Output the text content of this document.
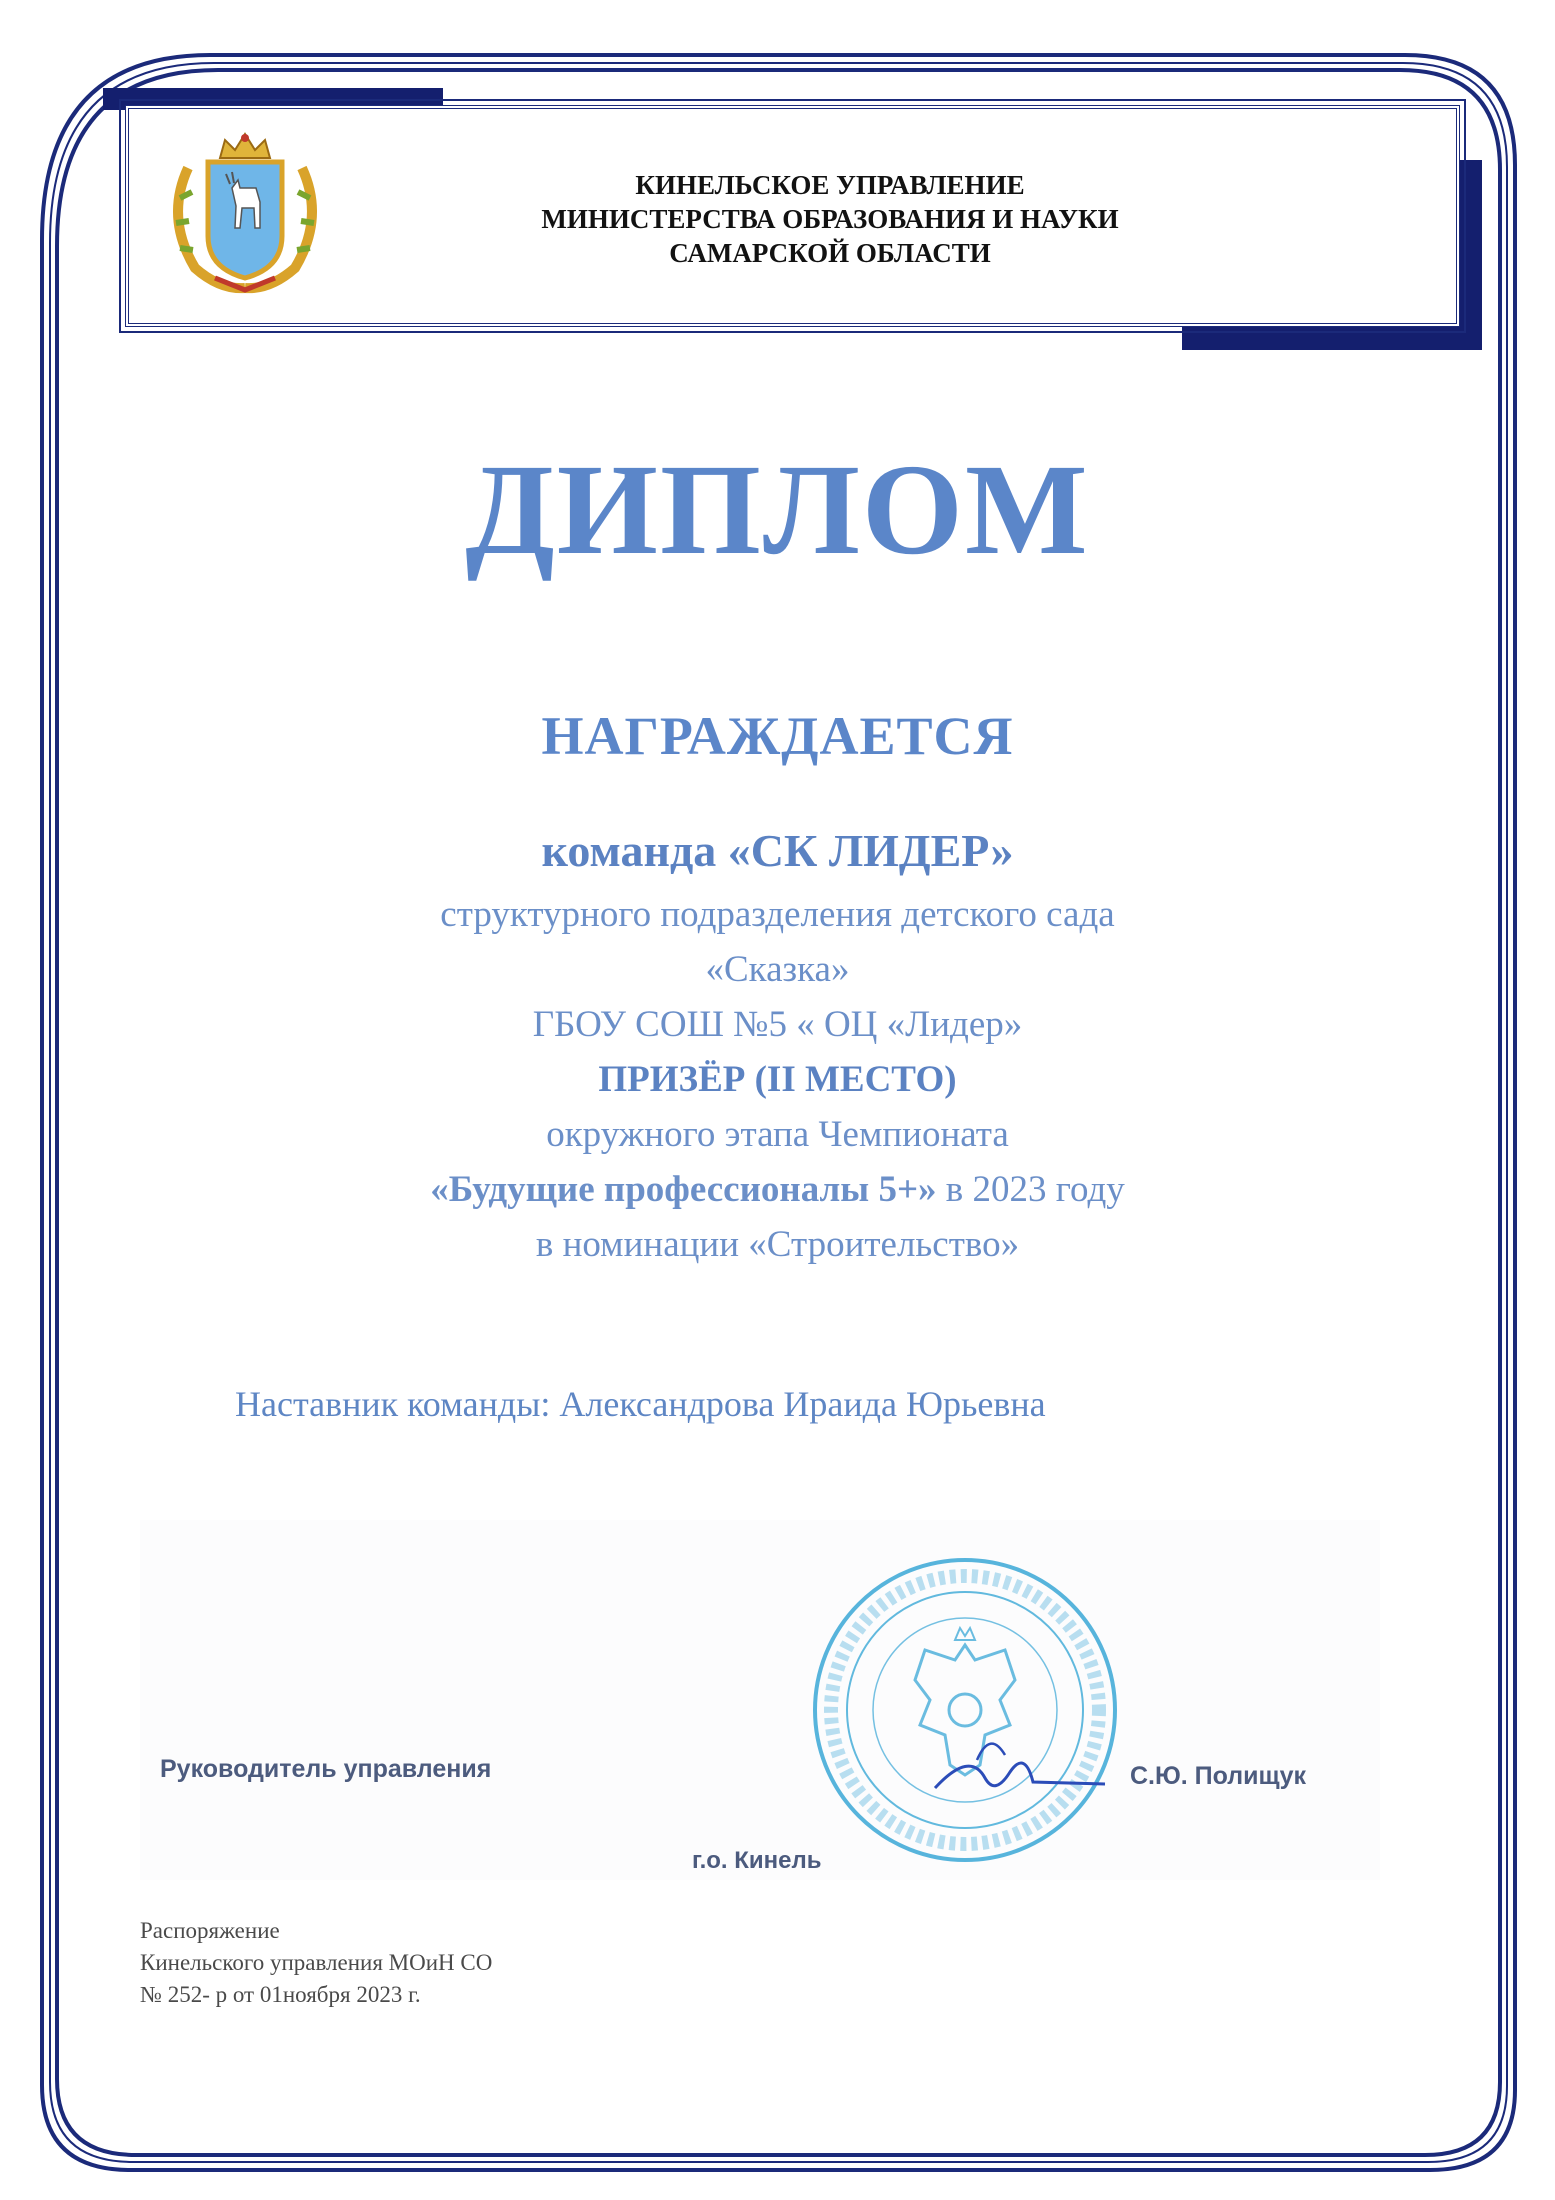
КИНЕЛЬСКОЕ УПРАВЛЕНИЕ
МИНИСТЕРСТВА ОБРАЗОВАНИЯ И НАУКИ
САМАРСКОЙ ОБЛАСТИ
ДИПЛОМ
НАГРАЖДАЕТСЯ
команда «СК ЛИДЕР»
структурного подразделения детского сада
«Сказка»
ГБОУ СОШ №5 « ОЦ «Лидер»
ПРИЗЁР (II МЕСТО)
окружного этапа Чемпионата
«Будущие профессионалы 5+» в 2023 году
в номинации «Строительство»
Наставник команды: Александрова Ираида Юрьевна
Руководитель управления	С.Ю. Полищук
г.о. Кинель
Распоряжение
Кинельского управления МОиН СО
№ 252- р от 01ноября 2023 г.
